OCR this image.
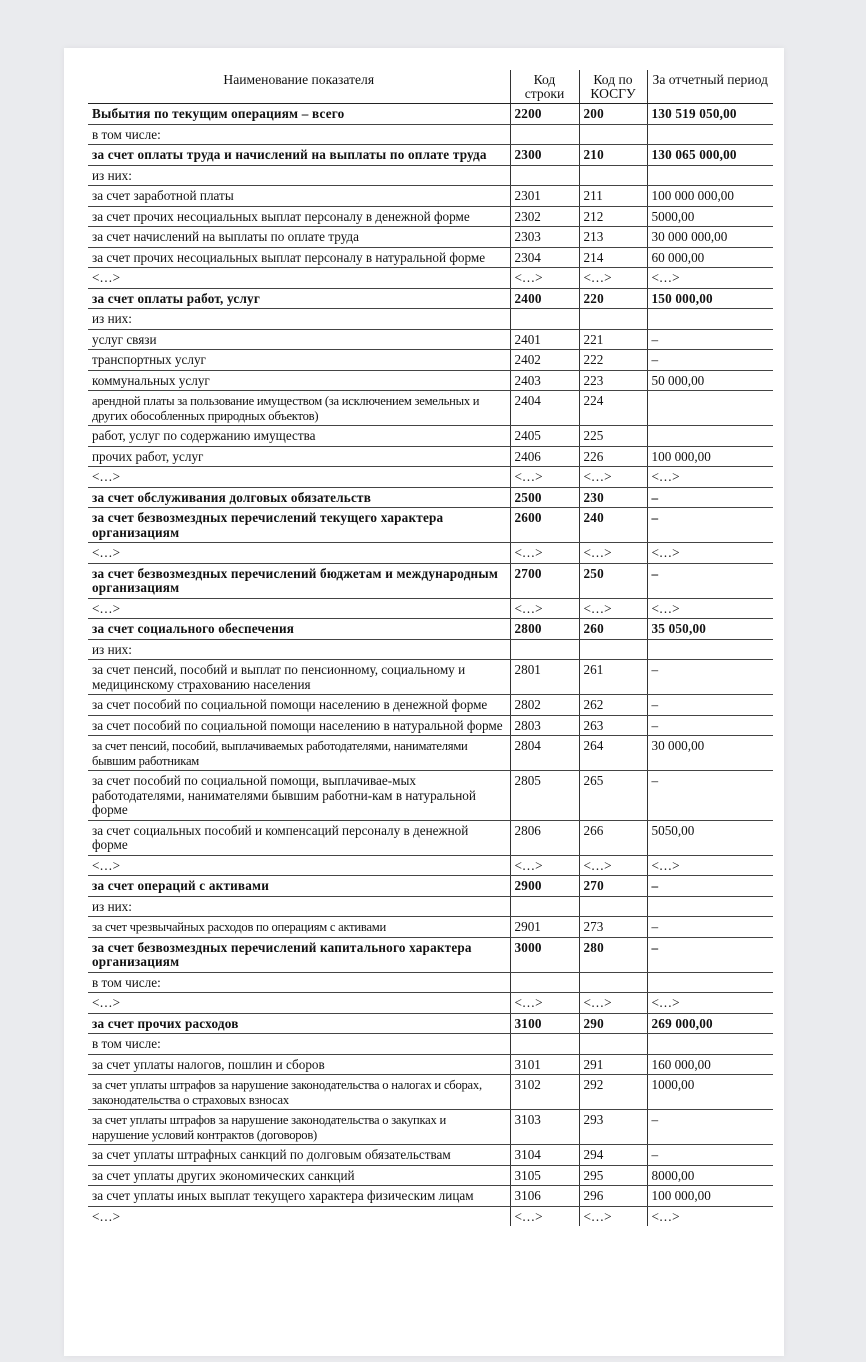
Наименование показателя	Код строки	Код по КОСГУ	За отчетный период
Выбытия по текущим операциям – всего	2200	200	130 519 050,00
в том числе:			
за счет оплаты труда и начислений на выплаты по оплате труда	2300	210	130 065 000,00
из них:			
за счет заработной платы	2301	211	100 000 000,00
за счет прочих несоциальных выплат персоналу в денежной форме	2302	212	5000,00
за счет начислений на выплаты по оплате труда	2303	213	30 000 000,00
за счет прочих несоциальных выплат персоналу в натуральной форме	2304	214	60 000,00
<…>	<…>	<…>	<…>
за счет оплаты работ, услуг	2400	220	150 000,00
из них:			
услуг связи	2401	221	–
транспортных услуг	2402	222	–
коммунальных услуг	2403	223	50 000,00
арендной платы за пользование имуществом (за исключением земельных и других обособленных природных объектов)	2404	224	
работ, услуг по содержанию имущества	2405	225	
прочих работ, услуг	2406	226	100 000,00
<…>	<…>	<…>	<…>
за счет обслуживания долговых обязательств	2500	230	–
за счет безвозмездных перечислений текущего характера организациям	2600	240	–
<…>	<…>	<…>	<…>
за счет безвозмездных перечислений бюджетам и международным организациям	2700	250	–
<…>	<…>	<…>	<…>
за счет социального обеспечения	2800	260	35 050,00
из них:			
за счет пенсий, пособий и выплат по пенсионному, социальному и медицинскому страхованию населения	2801	261	–
за счет пособий по социальной помощи населению в денежной форме	2802	262	–
за счет пособий по социальной помощи населению в натуральной форме	2803	263	–
за счет пенсий, пособий, выплачиваемых работодателями, нанимателями бывшим работникам	2804	264	30 000,00
за счет пособий по социальной помощи, выплачивае-мых работодателями, нанимателями бывшим работни-кам в натуральной форме	2805	265	–
за счет социальных пособий и компенсаций персоналу в денежной форме	2806	266	5050,00
<…>	<…>	<…>	<…>
за счет операций с активами	2900	270	–
из них:			
за счет чрезвычайных расходов по операциям с активами	2901	273	–
за счет безвозмездных перечислений капитального характера организациям	3000	280	–
в том числе:			
<…>	<…>	<…>	<…>
за счет прочих расходов	3100	290	269 000,00
в том числе:			
за счет уплаты налогов, пошлин и сборов	3101	291	160 000,00
за счет уплаты штрафов за нарушение законодательства о налогах и сборах, законодательства о страховых взносах	3102	292	1000,00
за счет уплаты штрафов за нарушение законодательства о закупках и нарушение условий контрактов (договоров)	3103	293	–
за счет уплаты штрафных санкций по долговым обязательствам	3104	294	–
за счет уплаты других экономических санкций	3105	295	8000,00
за счет уплаты иных выплат текущего характера физическим лицам	3106	296	100 000,00
<…>	<…>	<…>	<…>
